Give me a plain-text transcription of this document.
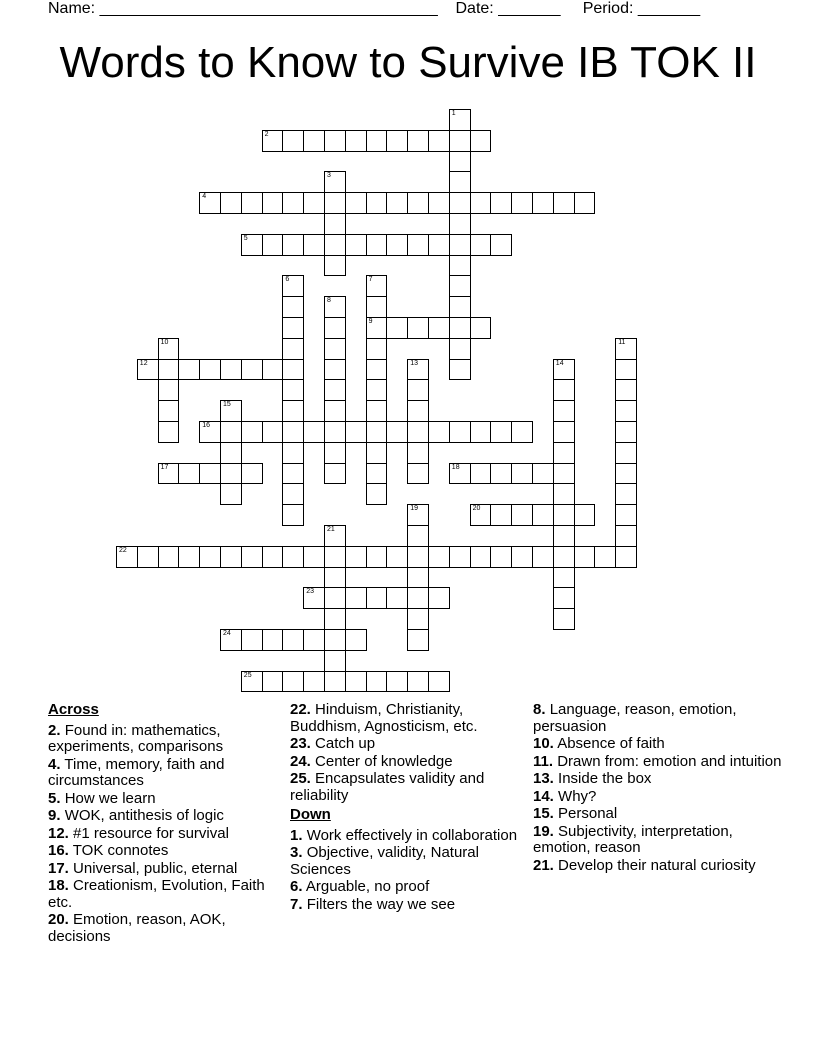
Name: ______________________________________ Date: _______ Period: _______
Words to Know to Survive IB TOK II
1
2
3
4
5
6	7
9
8
10	11
12	13	14
15
16
17	18
19	20
21
22
23
24
25
Across
2. Found in: mathematics, experiments, comparisons
4. Time, memory, faith and circumstances
5. How we learn
9. WOK, antithesis of logic
12. #1 resource for survival
16. TOK connotes
17. Universal, public, eternal
18. Creationism, Evolution, Faith etc.
20. Emotion, reason, AOK, decisions
22. Hinduism, Christianity, Buddhism, Agnosticism, etc.
23. Catch up
24. Center of knowledge
25. Encapsulates validity and reliability
Down
1. Work effectively in collaboration
3. Objective, validity, Natural Sciences
6. Arguable, no proof
7. Filters the way we see
8. Language, reason, emotion, persuasion
10. Absence of faith
11. Drawn from: emotion and intuition
13. Inside the box
14. Why?
15. Personal
19. Subjectivity, interpretation, emotion, reason
21. Develop their natural curiosity
